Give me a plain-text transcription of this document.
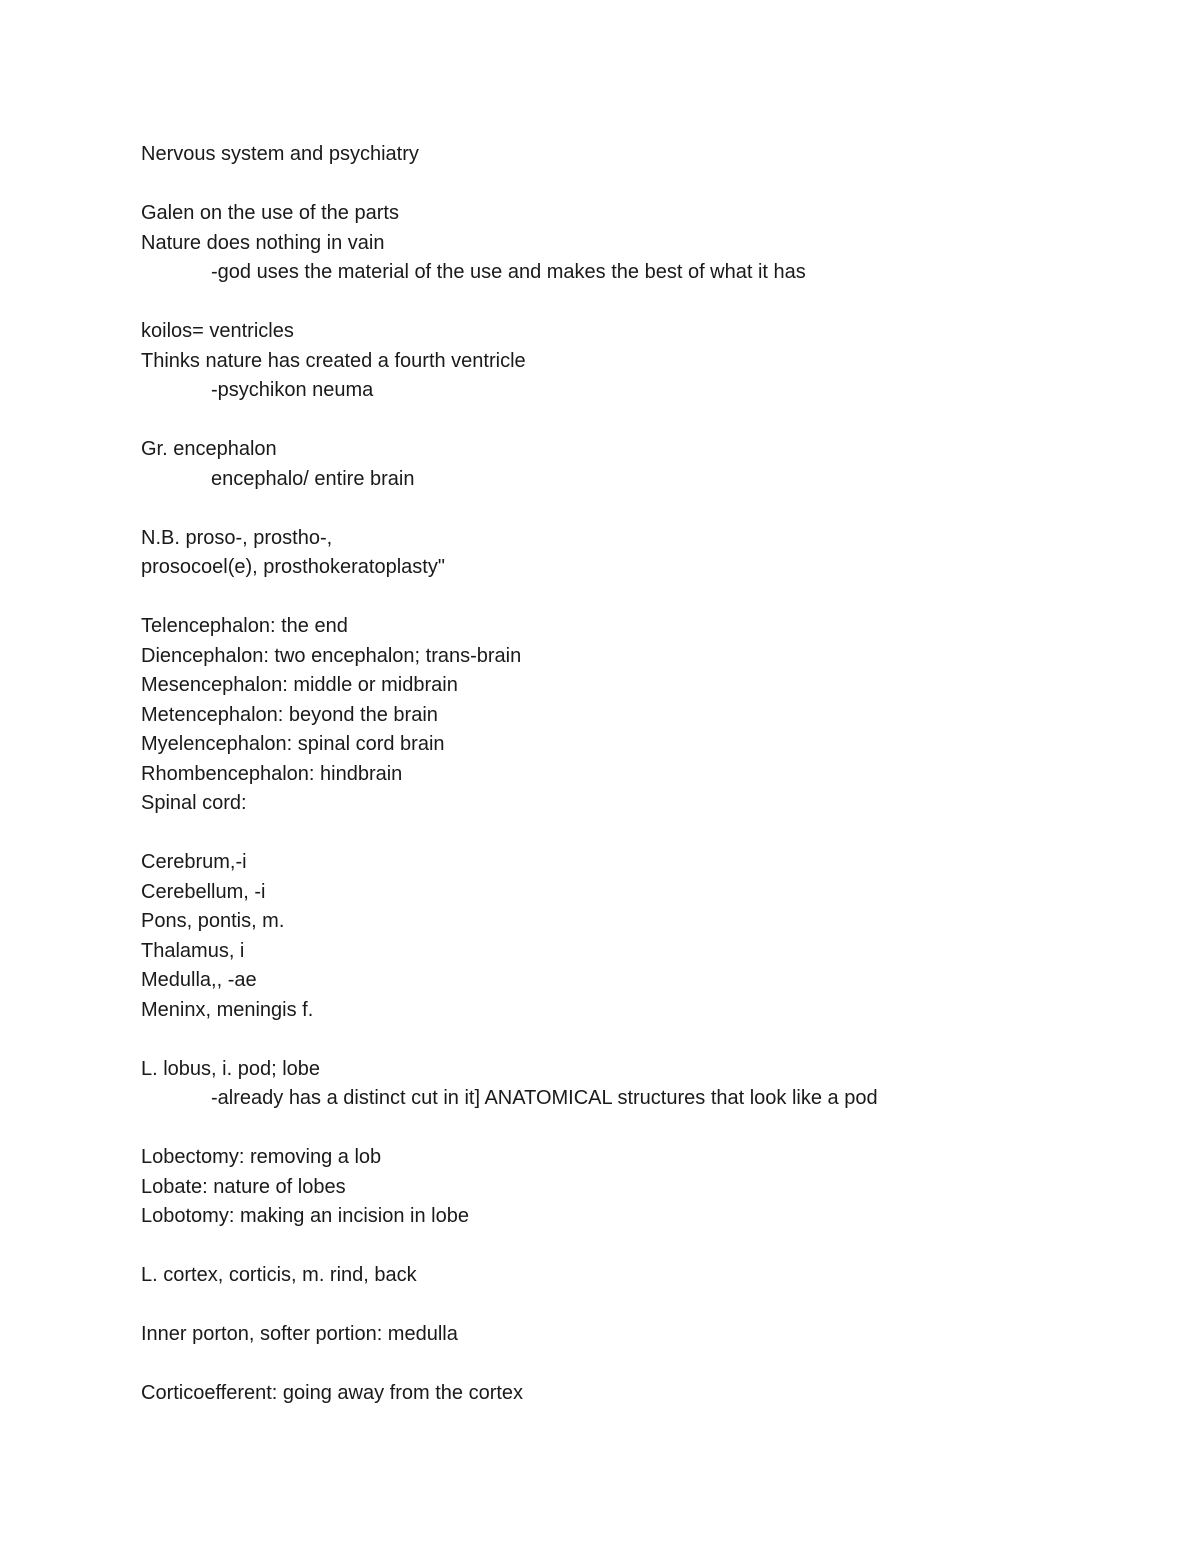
Nervous system and psychiatry
Galen on the use of the parts
Nature does nothing in vain
-god uses the material of the use and makes the best of what it has
koilos= ventricles
Thinks nature has created a fourth ventricle
-psychikon neuma
Gr. encephalon
encephalo/ entire brain
N.B. proso-, prostho-,
prosocoel(e), prosthokeratoplasty"
Telencephalon: the end
Diencephalon: two encephalon; trans-brain
Mesencephalon: middle or midbrain
Metencephalon: beyond the brain
Myelencephalon: spinal cord brain
Rhombencephalon: hindbrain
Spinal cord:
Cerebrum,-i
Cerebellum, -i
Pons, pontis, m.
Thalamus, i
Medulla,, -ae
Meninx, meningis f.
L. lobus, i. pod; lobe
-already has a distinct cut in it] ANATOMICAL structures that look like a pod
Lobectomy: removing a lob
Lobate: nature of lobes
Lobotomy: making an incision in lobe
L. cortex, corticis, m. rind, back
Inner porton, softer portion: medulla
Corticoefferent: going away from the cortex
